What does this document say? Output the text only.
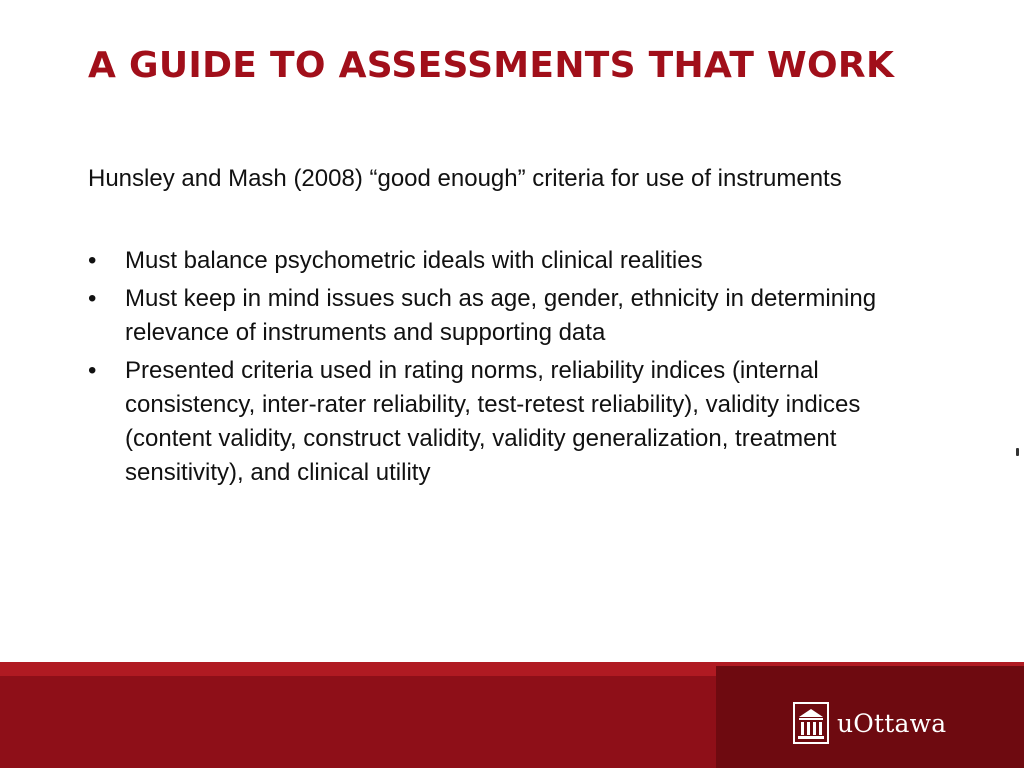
A GUIDE TO ASSESSMENTS THAT WORK

Hunsley and Mash (2008) “good enough” criteria for use of instruments

• Must balance psychometric ideals with clinical realities
• Must keep in mind issues such as age, gender, ethnicity in determining relevance of instruments and supporting data
• Presented criteria used in rating norms, reliability indices (internal consistency, inter-rater reliability, test-retest reliability), validity indices (content validity, construct validity, validity generalization, treatment sensitivity), and clinical utility
uOttawa
